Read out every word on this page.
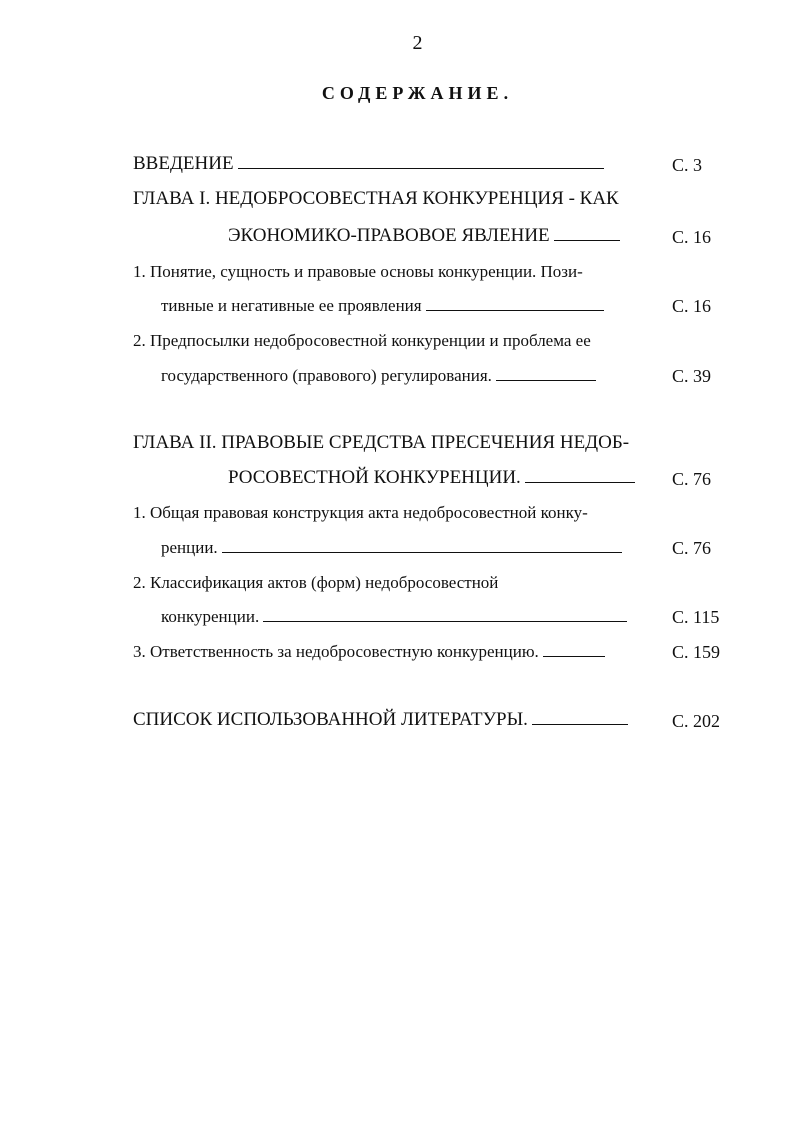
2
СОДЕРЖАНИЕ.
ВВЕДЕНИЕ	С. 3
ГЛАВА I. НЕДОБРОСОВЕСТНАЯ КОНКУРЕНЦИЯ - КАК
ЭКОНОМИКО-ПРАВОВОЕ ЯВЛЕНИЕ	С. 16
1. Понятие, сущность и правовые основы конкуренции. Пози-
тивные и негативные ее проявления	С. 16
2. Предпосылки недобросовестной конкуренции и проблема ее
государственного (правового) регулирования.	С. 39
ГЛАВА II. ПРАВОВЫЕ СРЕДСТВА ПРЕСЕЧЕНИЯ НЕДОБ-
РОСОВЕСТНОЙ КОНКУРЕНЦИИ.	С. 76
1. Общая правовая конструкция акта недобросовестной конку-
ренции.	С. 76
2. Классификация актов (форм) недобросовестной
конкуренции.	С. 115
3. Ответственность за недобросовестную конкуренцию.	С. 159
СПИСОК ИСПОЛЬЗОВАННОЙ ЛИТЕРАТУРЫ.	С. 202
